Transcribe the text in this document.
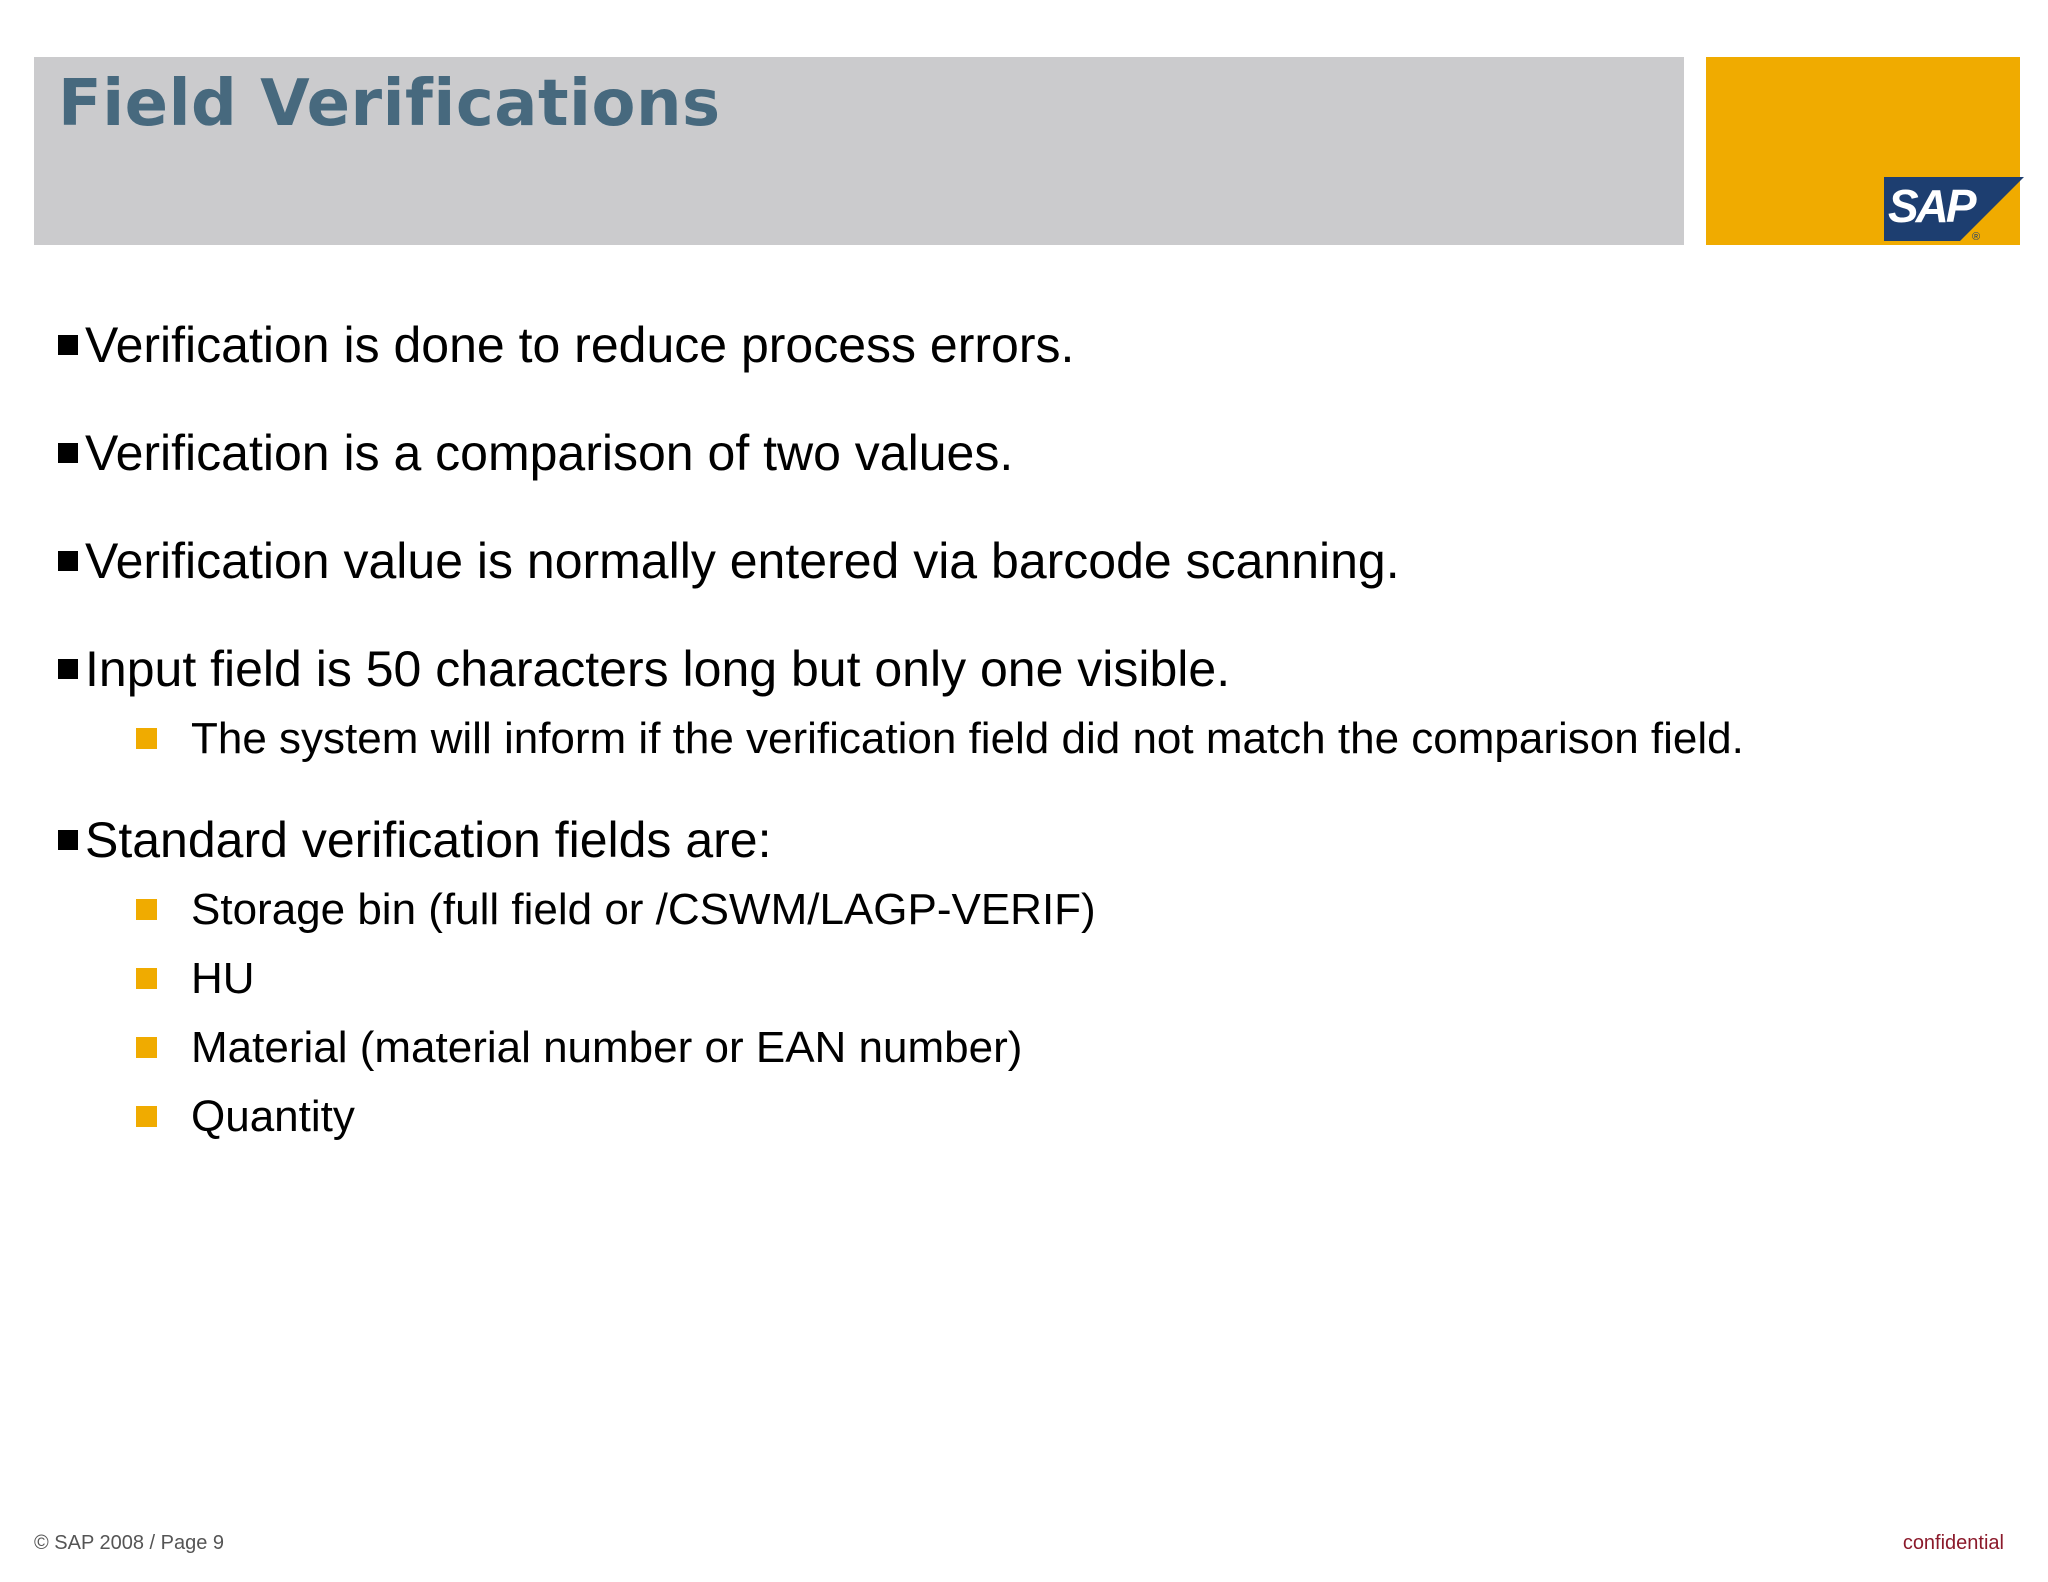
Field Verifications
SAP
®
Verification is done to reduce process errors.
Verification is a comparison of two values.
Verification value is normally entered via barcode scanning.
Input field is 50 characters long but only one visible.
The system will inform if the verification field did not match the comparison field.
Standard verification fields are:
Storage bin (full field or /CSWM/LAGP-VERIF)
HU
Material (material number or EAN number)
Quantity
© SAP 2008 / Page 9	confidential
